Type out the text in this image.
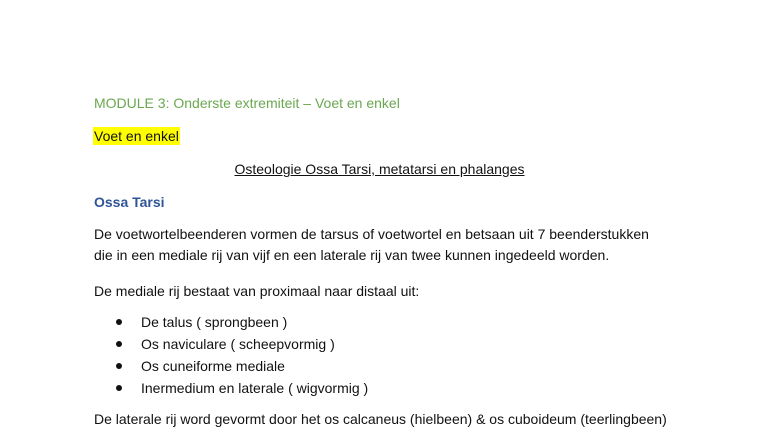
MODULE 3: Onderste extremiteit – Voet en enkel
Voet en enkel
Osteologie Ossa Tarsi, metatarsi en phalanges
Ossa Tarsi
De voetwortelbeenderen vormen de tarsus of voetwortel en betsaan uit 7 beenderstukken
die in een mediale rij van vijf en een laterale rij van twee kunnen ingedeeld worden.
De mediale rij bestaat van proximaal naar distaal uit:
De talus ( sprongbeen )
Os naviculare ( scheepvormig )
Os cuneiforme mediale
Inermedium en laterale ( wigvormig )
De laterale rij word gevormt door het os calcaneus (hielbeen) & os cuboideum (teerlingbeen)
